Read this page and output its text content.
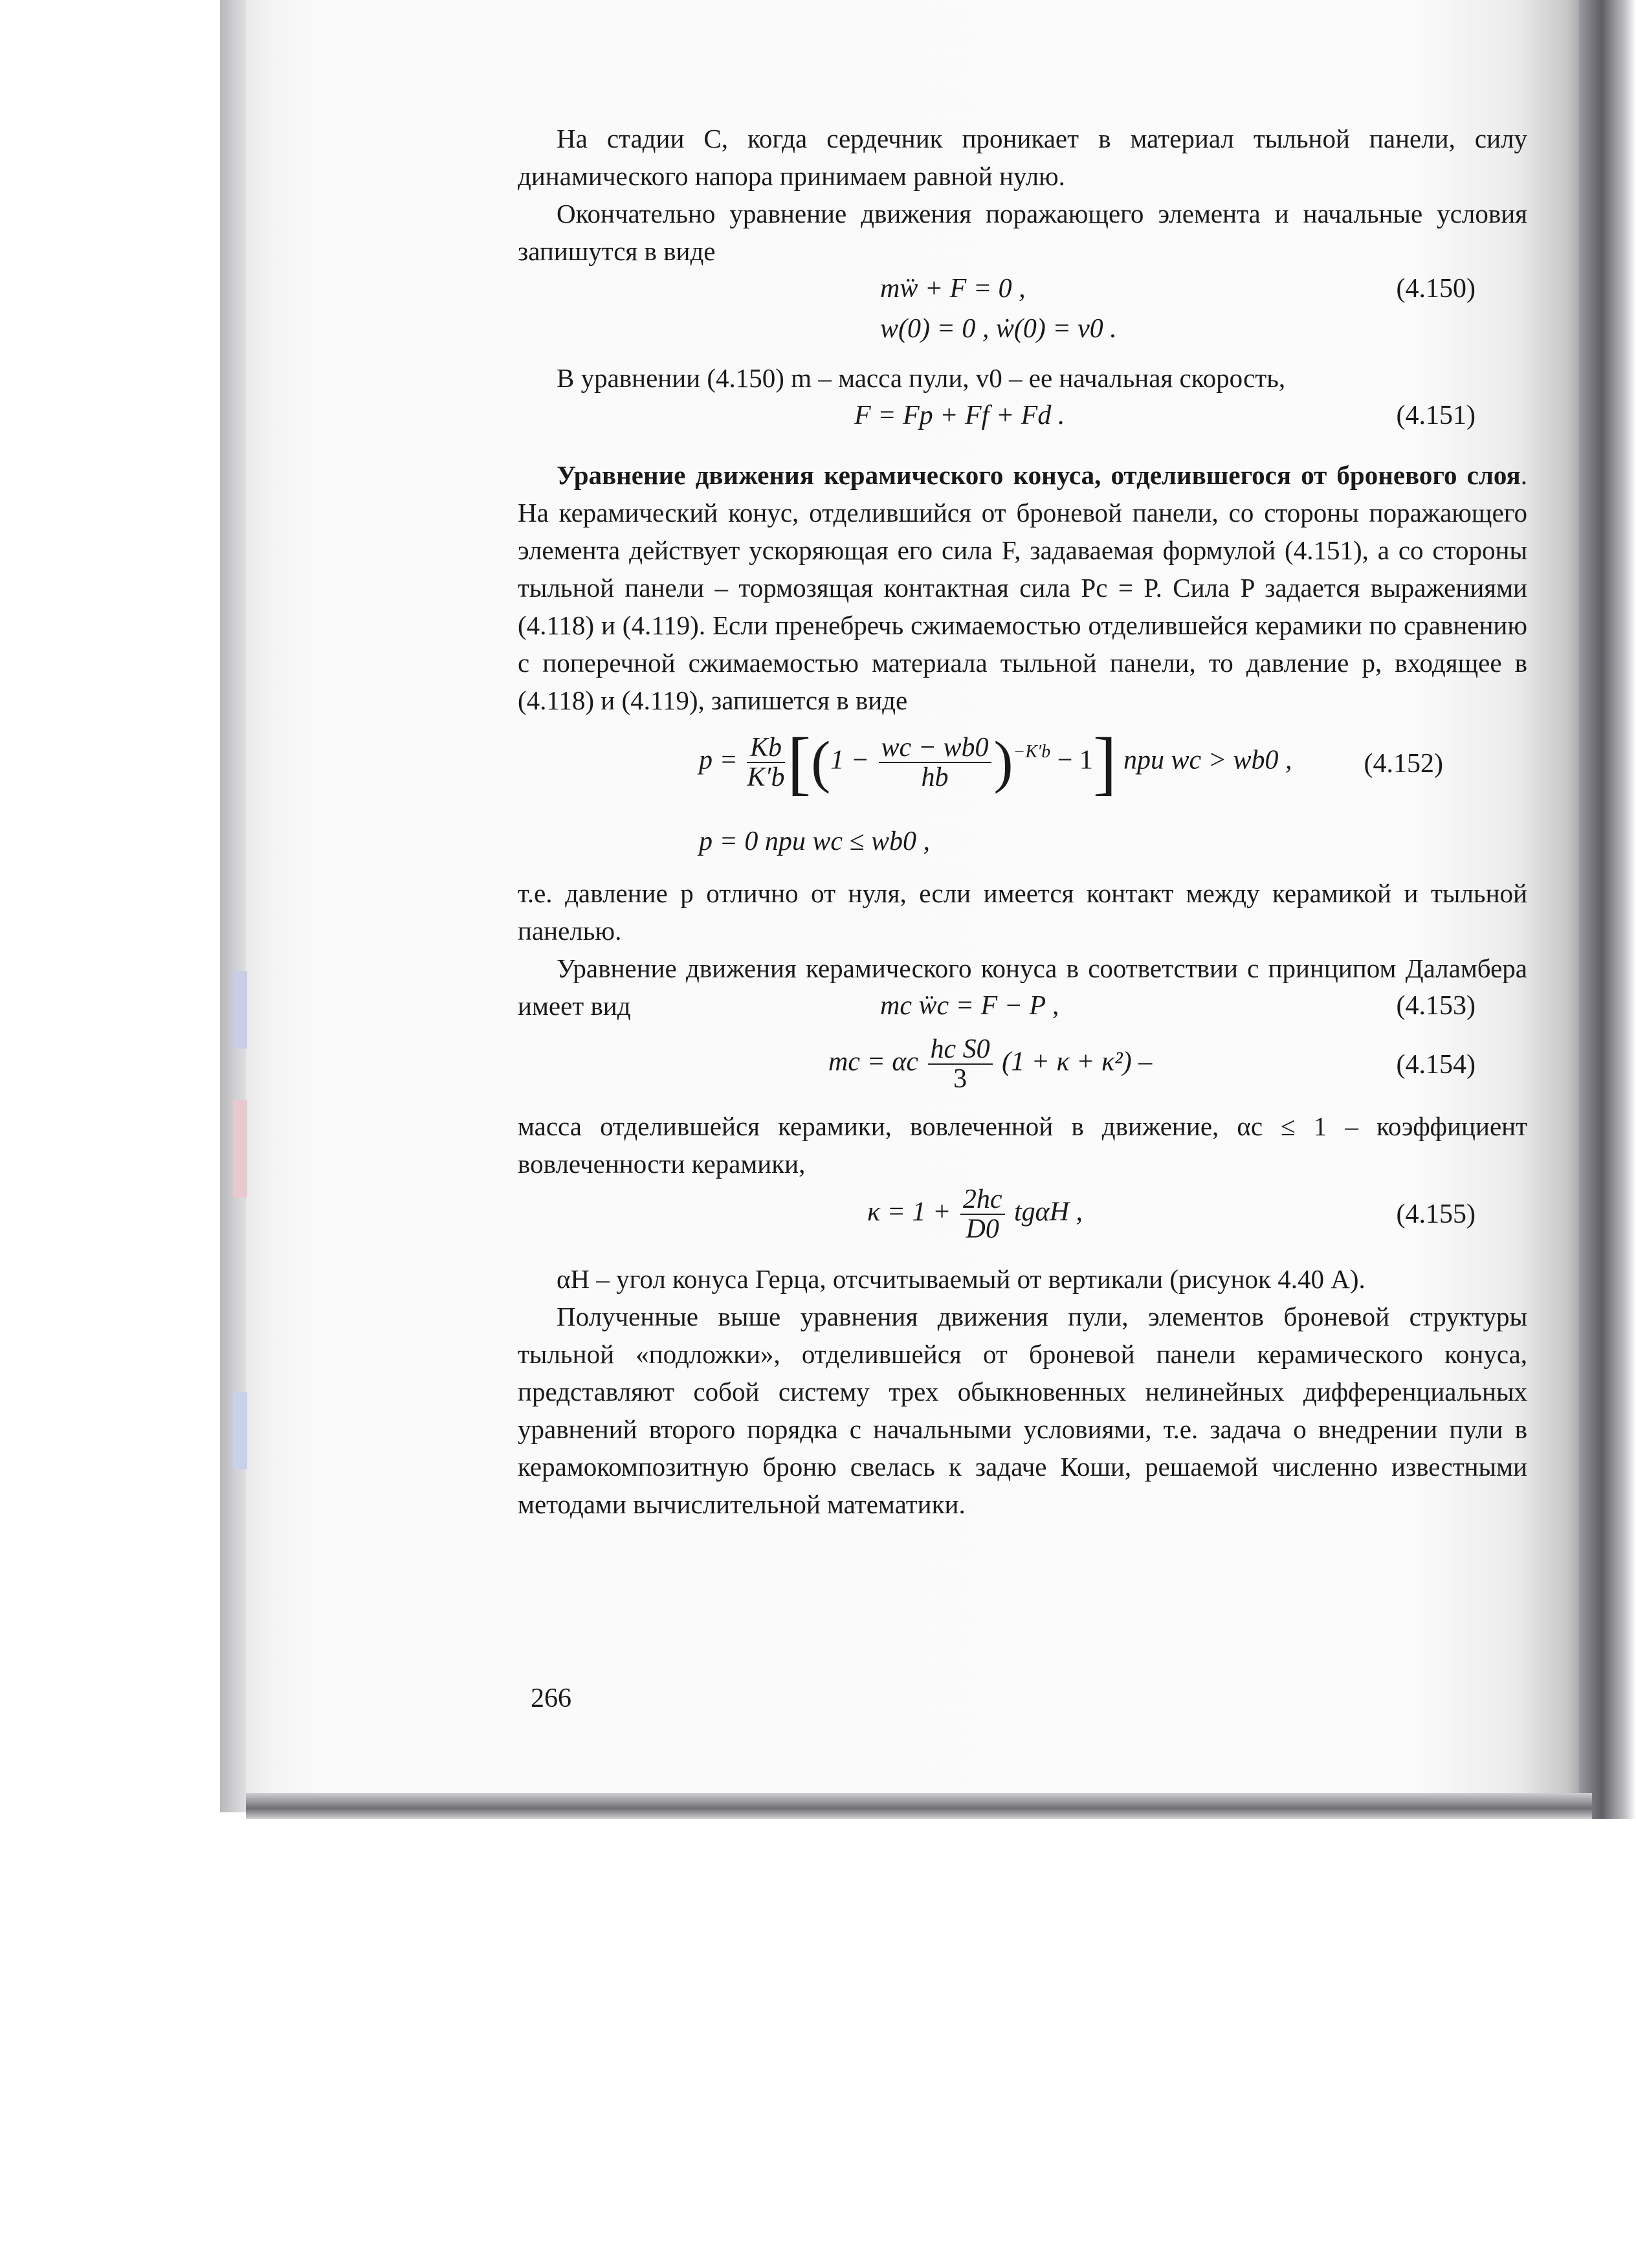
На стадии C, когда сердечник проникает в материал тыльной панели, силу динамического напора принимаем равной нулю.

Окончательно уравнение движения поражающего элемента и начальные условия запишутся в виде

mẅ + F = 0 ,	(4.150)
w(0) = 0 , ẇ(0) = v0 .

В уравнении (4.150) m – масса пули, v0 – ее начальная скорость,

F = Fp + Ff + Fd .	(4.151)

Уравнение движения керамического конуса, отделившегося от броневого слоя. На керамический конус, отделившийся от броневой панели, со стороны поражающего элемента действует ускоряющая его сила F, задаваемая формулой (4.151), а со стороны тыльной панели – тормозящая контактная сила Pc = P. Сила P задается выражениями (4.118) и (4.119). Если пренебречь сжимаемостью отделившейся керамики по сравнению с поперечной сжимаемостью материала тыльной панели, то давление p, входящее в (4.118) и (4.119), запишется в виде

$p = \frac{Kb}{K'b} [(1 - \frac{wc - wb0}{hb} )^{-K'b} - 1]$ при wc > wb0 ,	(4.152)
p = 0 при wc ≤ wb0 ,

т.е. давление p отлично от нуля, если имеется контакт между керамикой и тыльной панелью.

Уравнение движения керамического конуса в соответствии с принципом Даламбера имеет вид	mc ẅc = F − P ,	(4.153)
mc = αc $\frac{\text{hc S0}}{3} (1 + \kappa + \kappa^2)$ –	(4.154)

масса отделившейся керамики, вовлеченной в движение, αc ≤ 1 – коэффициент вовлеченности керамики,

$\kappa = 1 + \frac{2hc}{D0}$ tgαH ,	(4.155)

αH – угол конуса Герца, отсчитываемый от вертикали (рисунок 4.40 А).

Полученные выше уравнения движения пули, элементов броневой структуры тыльной «подложки», отделившейся от броневой панели керамического конуса, представляют собой систему трех обыкновенных нелинейных дифференциальных уравнений второго порядка с начальными условиями, т.е. задача о внедрении пули в керамокомпозитную броню свелась к задаче Коши, решаемой численно известными методами вычислительной математики.

266
